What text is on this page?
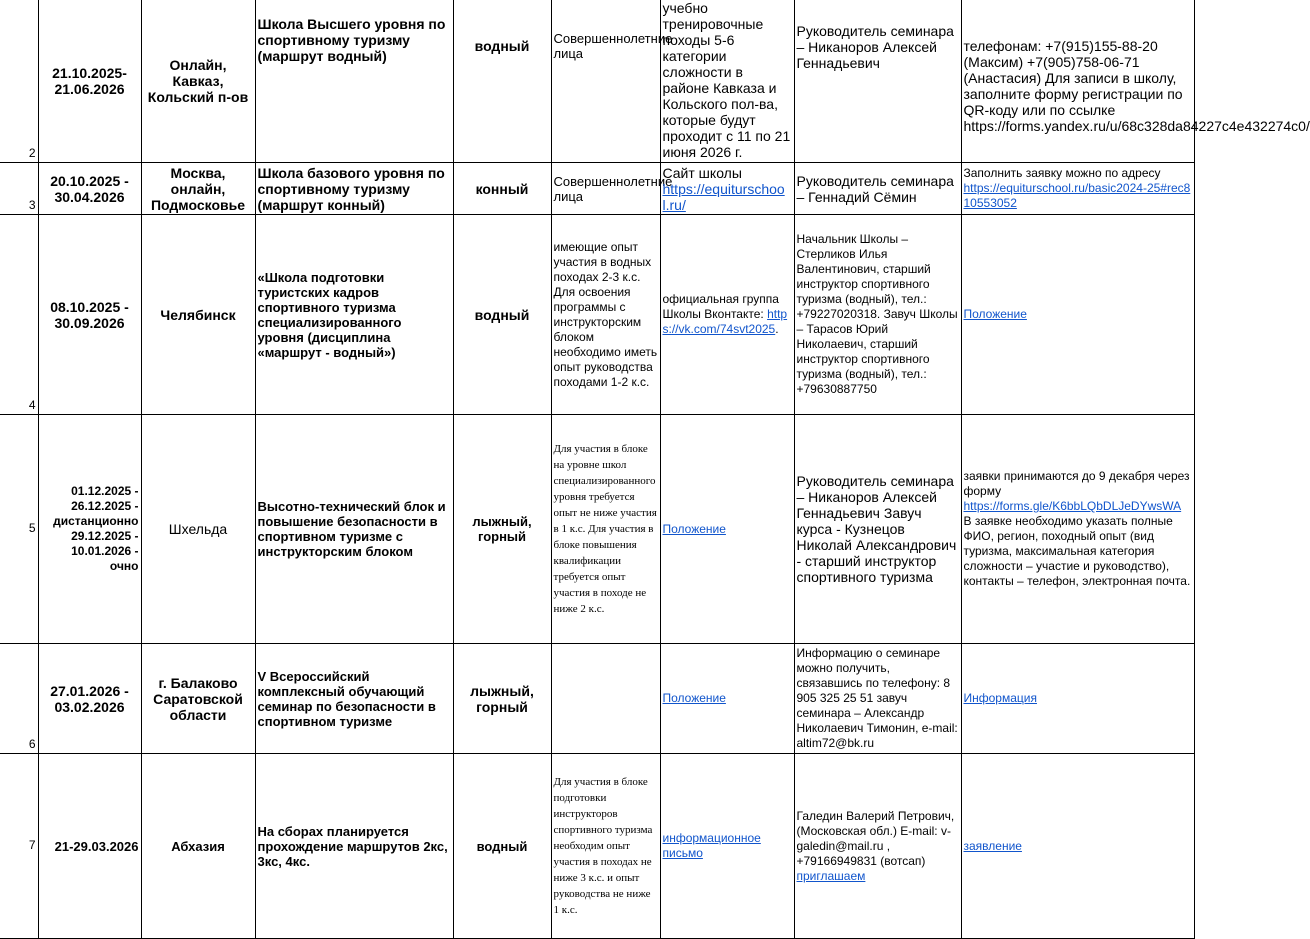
2	21.10.2025-21.06.2026	Онлайн, Кавказ, Кольский п-ов	Школа Высшего уровня по спортивному туризму (маршрут водный)	водный	Совершеннолетние лица	учебно тренировочные походы 5-6 категории сложности в районе Кавказа и Кольского пол-ва, которые будут проходит с 11 по 21 июня 2026 г.	Руководитель семинара – Никаноров Алексей Геннадьевич	телефонам: +7(915)155-88-20 (Максим) +7(905)758-06-71 (Анастасия) Для записи в школу, заполните форму регистрации по QR-коду или по ссылке https://forms.yandex.ru/u/68c328da84227c4e432274c0/
3	20.10.2025 - 30.04.2026	Москва, онлайн, Подмосковье	Школа базового уровня по спортивному туризму (маршрут конный)	конный	Совершеннолетние лица	Сайт школы
https://equiturschool.ru/	Руководитель семинара – Геннадий Сёмин	Заполнить заявку можно по адресу
https://equiturschool.ru/basic2024-25#rec810553052
4	08.10.2025 - 30.09.2026	Челябинск	«Школа подготовки туристских кадров спортивного туризма специализированного уровня (дисциплина «маршрут - водный»)	водный	имеющие опыт участия в водных походах 2-3 к.с. Для освоения программы с инструкторским блоком необходимо иметь опыт руководства походами 1-2 к.с.	официальная группа Школы Вконтакте: https://vk.com/74svt2025.	Начальник Школы – Стерликов Илья Валентинович, старший инструктор спортивного туризма (водный), тел.: +79227020318. Завуч Школы – Тарасов Юрий Николаевич, старший инструктор спортивного туризма (водный), тел.: +79630887750	Положение
5	01.12.2025 - 26.12.2025 - дистанционно 29.12.2025 - 10.01.2026 - очно	Шхельда	Высотно-технический блок и повышение безопасности в спортивном туризме с инструкторским блоком	лыжный, горный	Для участия в блоке на уровне школ специализированного уровня требуется опыт не ниже участия в 1 к.с. Для участия в блоке повышения квалификации требуется опыт участия в походе не ниже 2 к.с.	Положение	Руководитель семинара – Никаноров Алексей Геннадьевич Завуч курса - Кузнецов Николай Александрович - старший инструктор спортивного туризма	заявки принимаются до 9 декабря через форму
https://forms.gle/K6bbLQbDLJeDYwsWA
В заявке необходимо указать полные ФИО, регион, походный опыт (вид туризма, максимальная категория сложности – участие и руководство), контакты – телефон, электронная почта.
6	27.01.2026 - 03.02.2026	г. Балаково Саратовской области	V Всероссийский комплексный обучающий семинар по безопасности в спортивном туризме	лыжный, горный		Положение	Информацию о семинаре можно получить, связавшись по телефону: 8 905 325 25 51 завуч семинара – Александр Николаевич Тимонин, e-mail: altim72@bk.ru	Информация
7	21-29.03.2026	Абхазия	На сборах планируется прохождение маршрутов 2кс, 3кс, 4кс.	водный	Для участия в блоке подготовки инструкторов спортивного туризма необходим опыт участия в походах не ниже 3 к.с. и опыт руководства не ниже 1 к.с.	информационное письмо	Галедин Валерий Петрович, (Московская обл.) E-mail: v-galedin@mail.ru , +79166949831 (вотсап)
приглашаем	заявление
